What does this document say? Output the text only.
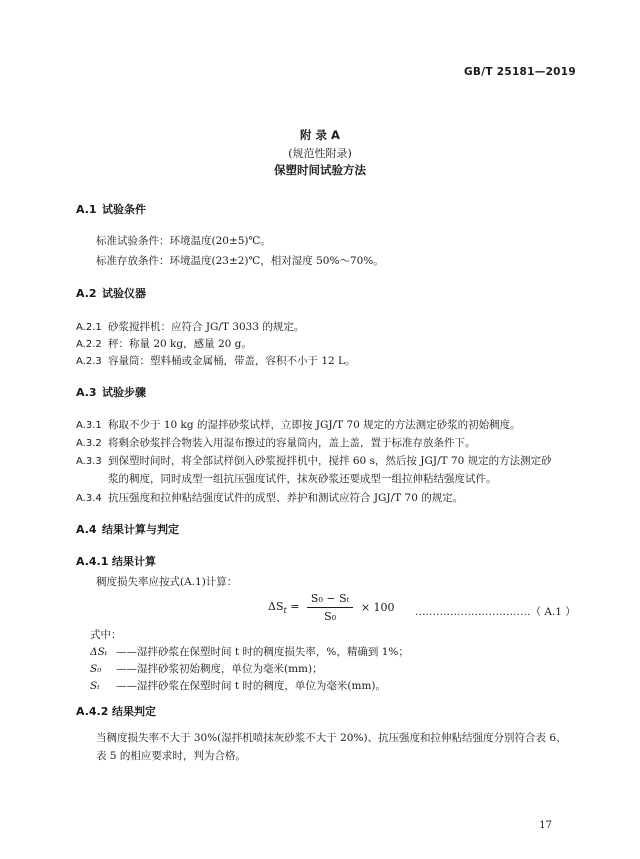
GB/T 25181—2019
附 录 A
(规范性附录)
保塑时间试验方法
A.1 试验条件
标准试验条件：环境温度(20±5)℃。
标准存放条件：环境温度(23±2)℃，相对湿度 50%～70%。
A.2 试验仪器
A.2.1 砂浆搅拌机：应符合 JG/T 3033 的规定。
A.2.2 秤：称量 20 kg，感量 20 g。
A.2.3 容量筒：塑料桶或金属桶，带盖，容积不小于 12 L。
A.3 试验步骤
A.3.1 称取不少于 10 kg 的湿拌砂浆试样，立即按 JGJ/T 70 规定的方法测定砂浆的初始稠度。
A.3.2 将剩余砂浆拌合物装入用湿布擦过的容量筒内，盖上盖，置于标准存放条件下。
A.3.3 到保塑时间时，将全部试样倒入砂浆搅拌机中，搅拌 60 s，然后按 JGJ/T 70 规定的方法测定砂
浆的稠度，同时成型一组抗压强度试件，抹灰砂浆还要成型一组拉伸粘结强度试件。
A.3.4 抗压强度和拉伸粘结强度试件的成型、养护和测试应符合 JGJ/T 70 的规定。
A.4 结果计算与判定
A.4.1 结果计算
稠度损失率应按式(A.1)计算：
$\Delta S_t = \frac{\text{S₀ − Sₜ}}{\text{S₀}} \times 100$ ……………………………（ A.1 ）
式中：
ΔSₜ ——湿拌砂浆在保塑时间 t 时的稠度损失率，%，精确到 1%；
S₀ ——湿拌砂浆初始稠度，单位为毫米(mm)；
Sₜ ——湿拌砂浆在保塑时间 t 时的稠度，单位为毫米(mm)。
A.4.2 结果判定
当稠度损失率不大于 30%(湿拌机喷抹灰砂浆不大于 20%)、抗压强度和拉伸粘结强度分别符合表 6、
表 5 的相应要求时，判为合格。
17
